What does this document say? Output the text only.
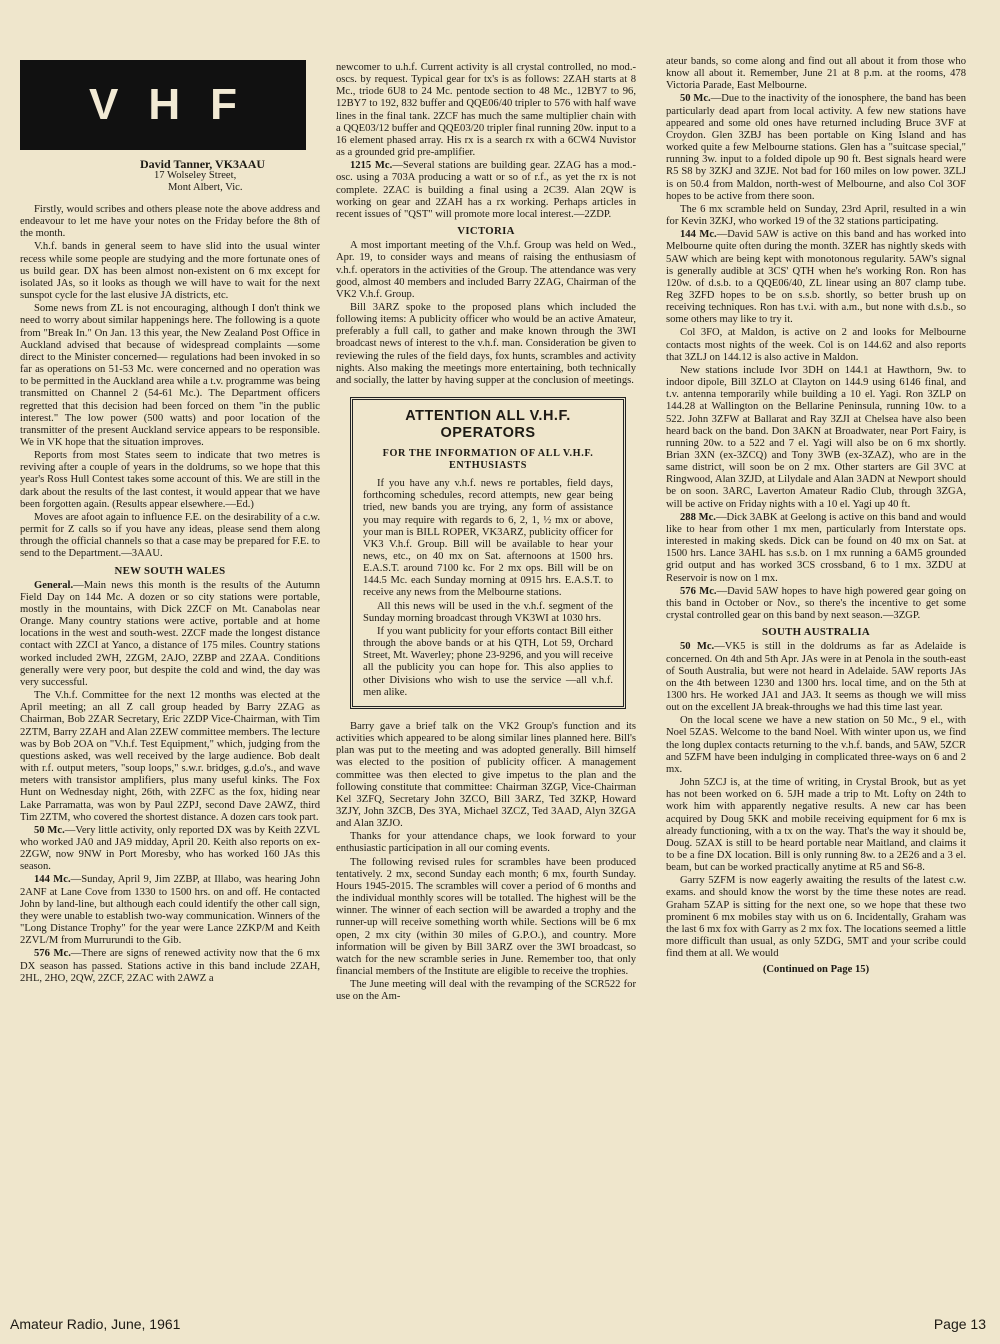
VHF
David Tanner, VK3AAU
17 Wolseley Street,
Mont Albert, Vic.

Firstly, would scribes and others please note the above address and endeavour to let me have your notes on the Friday before the 8th of the month.

V.h.f. bands in general seem to have slid into the usual winter recess while some people are studying and the more fortunate ones of us build gear. DX has been almost non-existent on 6 mx except for isolated JAs, so it looks as though we will have to wait for the next sunspot cycle for the last elusive JA districts, etc.

Some news from ZL is not encouraging, although I don't think we need to worry about similar happenings here. The following is a quote from "Break In." On Jan. 13 this year, the New Zealand Post Office in Auckland advised that because of widespread complaints —some direct to the Minister concerned— regulations had been invoked in so far as operations on 51-53 Mc. were concerned and no operation was to be permitted in the Auckland area while a t.v. programme was being transmitted on Channel 2 (54-61 Mc.). The Department officers regretted that this decision had been forced on them "in the public interest." The low power (500 watts) and poor location of the transmitter of the present Auckland service appears to be responsible. We in VK hope that the situation improves.

Reports from most States seem to indicate that two metres is reviving after a couple of years in the doldrums, so we hope that this year's Ross Hull Contest takes some account of this. We are still in the dark about the results of the last contest, it would appear that we have been forgotten again. (Results appear elsewhere.—Ed.)

Moves are afoot again to influence F.E. on the desirability of a c.w. permit for Z calls so if you have any ideas, please send them along through the official channels so that a case may be prepared for F.E. to send to the Department.—3AAU.

NEW SOUTH WALES

General.—Main news this month is the results of the Autumn Field Day on 144 Mc. A dozen or so city stations were portable, mostly in the mountains, with Dick 2ZCF on Mt. Canabolas near Orange. Many country stations were active, portable and at home locations in the west and south-west. 2ZCF made the longest distance contact with 2ZCI at Yanco, a distance of 175 miles. Country stations worked included 2WH, 2ZGM, 2AJO, 2ZBP and 2ZAA. Conditions generally were very poor, but despite the cold and wind, the day was very successful.

The V.h.f. Committee for the next 12 months was elected at the April meeting; an all Z call group headed by Barry 2ZAG as Chairman, Bob 2ZAR Secretary, Eric 2ZDP Vice-Chairman, with Tim 2ZTM, Barry 2ZAH and Alan 2ZEW committee members. The lecture was by Bob 2OA on "V.h.f. Test Equipment," which, judging from the questions asked, was well received by the large audience. Bob dealt with r.f. output meters, "soup loops," s.w.r. bridges, g.d.o's., and wave meters with transistor amplifiers, plus many useful kinks. The Fox Hunt on Wednesday night, 26th, with 2ZFC as the fox, hiding near Lake Parramatta, was won by Paul 2ZPJ, second Dave 2AWZ, third Tim 2ZTM, who covered the shortest distance. A dozen cars took part.

50 Mc.—Very little activity, only reported DX was by Keith 2ZVL who worked JA0 and JA9 midday, April 20. Keith also reports on ex-2ZGW, now 9NW in Port Moresby, who has worked 160 JAs this season.

144 Mc.—Sunday, April 9, Jim 2ZBP, at Illabo, was hearing John 2ANF at Lane Cove from 1330 to 1500 hrs. on and off. He contacted John by land-line, but although each could identify the other call sign, they were unable to establish two-way communication. Winners of the "Long Distance Trophy" for the year were Lance 2ZKP/M and Keith 2ZVL/M from Murrurundi to the Gib.

576 Mc.—There are signs of renewed activity now that the 6 mx DX season has passed. Stations active in this band include 2ZAH, 2HL, 2HO, 2QW, 2ZCF, 2ZAC with 2AWZ a

newcomer to u.h.f. Current activity is all crystal controlled, no mod.-oscs. by request. Typical gear for tx's is as follows: 2ZAH starts at 8 Mc., triode 6U8 to 24 Mc. pentode section to 48 Mc., 12BY7 to 96, 12BY7 to 192, 832 buffer and QQE06/40 tripler to 576 with half wave lines in the final tank. 2ZCF has much the same multiplier chain with a QQE03/12 buffer and QQE03/20 tripler final running 20w. input to a 16 element phased array. His rx is a search rx with a 6CW4 Nuvistor as a grounded grid pre-amplifier.

1215 Mc.—Several stations are building gear. 2ZAG has a mod.-osc. using a 703A producing a watt or so of r.f., as yet the rx is not complete. 2ZAC is building a final using a 2C39. Alan 2QW is working on gear and 2ZAH has a rx working. Perhaps articles in recent issues of "QST" will promote more local interest.—2ZDP.

VICTORIA

A most important meeting of the V.h.f. Group was held on Wed., Apr. 19, to consider ways and means of raising the enthusiasm of v.h.f. operators in the activities of the Group. The attendance was very good, almost 40 members and included Barry 2ZAG, Chairman of the VK2 V.h.f. Group.

Bill 3ARZ spoke to the proposed plans which included the following items: A publicity officer who would be an active Amateur, preferably a full call, to gather and make known through the 3WI broadcast news of interest to the v.h.f. man. Consideration be given to reviewing the rules of the field days, fox hunts, scrambles and activity nights. Also making the meetings more entertaining, both technically and socially, the latter by having supper at the conclusion of meetings.

ATTENTION ALL V.H.F. OPERATORS
FOR THE INFORMATION OF ALL V.H.F. ENTHUSIASTS

If you have any v.h.f. news re portables, field days, forthcoming schedules, record attempts, new gear being tried, new bands you are trying, any form of assistance you may require with regards to 6, 2, 1, ½ mx or above, your man is BILL ROPER, VK3ARZ, publicity officer for VK3 V.h.f. Group. Bill will be available to hear your news, etc., on 40 mx on Sat. afternoons at 1500 hrs. E.A.S.T. around 7100 kc. For 2 mx ops. Bill will be on 144.5 Mc. each Sunday morning at 0915 hrs. E.A.S.T. to receive any news from the Melbourne stations.

All this news will be used in the v.h.f. segment of the Sunday morning broadcast through VK3WI at 1030 hrs.

If you want publicity for your efforts contact Bill either through the above bands or at his QTH, Lot 59, Orchard Street, Mt. Waverley; phone 23-9296, and you will receive all the publicity you can hope for. This also applies to other Divisions who wish to use the service —all v.h.f. men alike.

Barry gave a brief talk on the VK2 Group's function and its activities which appeared to be along similar lines planned here. Bill's plan was put to the meeting and was adopted generally. Bill himself was elected to the position of publicity officer. A management committee was then elected to give impetus to the plan and the following constitute that committee: Chairman 3ZGP, Vice-Chairman Kel 3ZFQ, Secretary John 3ZCO, Bill 3ARZ, Ted 3ZKP, Howard 3ZJY, John 3ZCB, Des 3YA, Michael 3ZCZ, Ted 3AAD, Alyn 3ZGA and Alan 3ZJO.

Thanks for your attendance chaps, we look forward to your enthusiastic participation in all our coming events.

The following revised rules for scrambles have been produced tentatively. 2 mx, second Sunday each month; 6 mx, fourth Sunday. Hours 1945-2015. The scrambles will cover a period of 6 months and the individual monthly scores will be totalled. The highest will be the winner. The winner of each section will be awarded a trophy and the runner-up will receive something worth while. Sections will be 6 mx open, 2 mx city (within 30 miles of G.P.O.), and country. More information will be given by Bill 3ARZ over the 3WI broadcast, so watch for the new scramble series in June. Remember too, that only financial members of the Institute are eligible to receive the trophies.

The June meeting will deal with the revamping of the SCR522 for use on the Am-

ateur bands, so come along and find out all about it from those who know all about it. Remember, June 21 at 8 p.m. at the rooms, 478 Victoria Parade, East Melbourne.

50 Mc.—Due to the inactivity of the ionosphere, the band has been particularly dead apart from local activity. A few new stations have appeared and some old ones have returned including Bruce 3VF at Croydon. Glen 3ZBJ has been portable on King Island and has worked quite a few Melbourne stations. Glen has a "suitcase special," running 3w. input to a folded dipole up 90 ft. Best signals heard were R5 S8 by 3ZKJ and 3ZJE. Not bad for 160 miles on low power. 3ZLJ is on 50.4 from Maldon, north-west of Melbourne, and also Col 3OF hopes to be active from there soon.

The 6 mx scramble held on Sunday, 23rd April, resulted in a win for Kevin 3ZKJ, who worked 19 of the 32 stations participating.

144 Mc.—David 5AW is active on this band and has worked into Melbourne quite often during the month. 3ZER has nightly skeds with 5AW which are being kept with monotonous regularity. 5AW's signal is generally audible at 3CS' QTH when he's working Ron. Ron has 120w. of d.s.b. to a QQE06/40, ZL linear using an 807 clamp tube. Reg 3ZFD hopes to be on s.s.b. shortly, so better brush up on receiving techniques. Ron has t.v.i. with a.m., but none with d.s.b., so some others may like to try it.

Col 3FO, at Maldon, is active on 2 and looks for Melbourne contacts most nights of the week. Col is on 144.62 and also reports that 3ZLJ on 144.12 is also active in Maldon.

New stations include Ivor 3DH on 144.1 at Hawthorn, 9w. to indoor dipole, Bill 3ZLO at Clayton on 144.9 using 6146 final, and t.v. antenna temporarily while building a 10 el. Yagi. Ron 3ZLP on 144.28 at Wallington on the Bellarine Peninsula, running 10w. to a 522. John 3ZFW at Ballarat and Ray 3ZJI at Chelsea have also been heard back on the band. Don 3AKN at Broadwater, near Port Fairy, is running 20w. to a 522 and 7 el. Yagi will also be on 6 mx shortly. Brian 3XN (ex-3ZCQ) and Tony 3WB (ex-3ZAZ), who are in the same district, will soon be on 2 mx. Other starters are Gil 3VC at Ringwood, Alan 3ZJD, at Lilydale and Alan 3ADN at Newport should be on soon. 3ARC, Laverton Amateur Radio Club, through 3ZGA, will be active on Friday nights with a 10 el. Yagi up 40 ft.

288 Mc.—Dick 3ABK at Geelong is active on this band and would like to hear from other 1 mx men, particularly from Interstate ops. interested in making skeds. Dick can be found on 40 mx on Sat. at 1500 hrs. Lance 3AHL has s.s.b. on 1 mx running a 6AM5 grounded grid output and has worked 3CS crossband, 6 to 1 mx. 3ZDU at Reservoir is now on 1 mx.

576 Mc.—David 5AW hopes to have high powered gear going on this band in October or Nov., so there's the incentive to get some crystal controlled gear on this band by next season.—3ZGP.

SOUTH AUSTRALIA

50 Mc.—VK5 is still in the doldrums as far as Adelaide is concerned. On 4th and 5th Apr. JAs were in at Penola in the south-east of South Australia, but were not heard in Adelaide. 5AW reports JAs on the 4th between 1230 and 1300 hrs. local time, and on the 5th at 1300 hrs. He worked JA1 and JA3. It seems as though we will miss out on the excellent JA break-throughs we had this time last year.

On the local scene we have a new station on 50 Mc., 9 el., with Noel 5ZAS. Welcome to the band Noel. With winter upon us, we find the long duplex contacts returning to the v.h.f. bands, and 5AW, 5ZCR and 5ZFM have been indulging in complicated three-ways on 6 and 2 mx.

John 5ZCJ is, at the time of writing, in Crystal Brook, but as yet has not been worked on 6. 5JH made a trip to Mt. Lofty on 24th to work him with apparently negative results. A new car has been acquired by Doug 5KK and mobile receiving equipment for 6 mx is already functioning, with a tx on the way. That's the way it should be, Doug. 5ZAX is still to be heard portable near Maitland, and claims it to be a fine DX location. Bill is only running 8w. to a 2E26 and a 3 el. beam, but can be worked practically anytime at R5 and S6-8.

Garry 5ZFM is now eagerly awaiting the results of the latest c.w. exams. and should know the worst by the time these notes are read. Graham 5ZAP is sitting for the next one, so we hope that these two prominent 6 mx mobiles stay with us on 6. Incidentally, Graham was the last 6 mx fox with Garry as 2 mx fox. The locations seemed a little more difficult than usual, as only 5ZDG, 5MT and your scribe could find them at all. We would

(Continued on Page 15)
Amateur Radio, June, 1961	Page 13
